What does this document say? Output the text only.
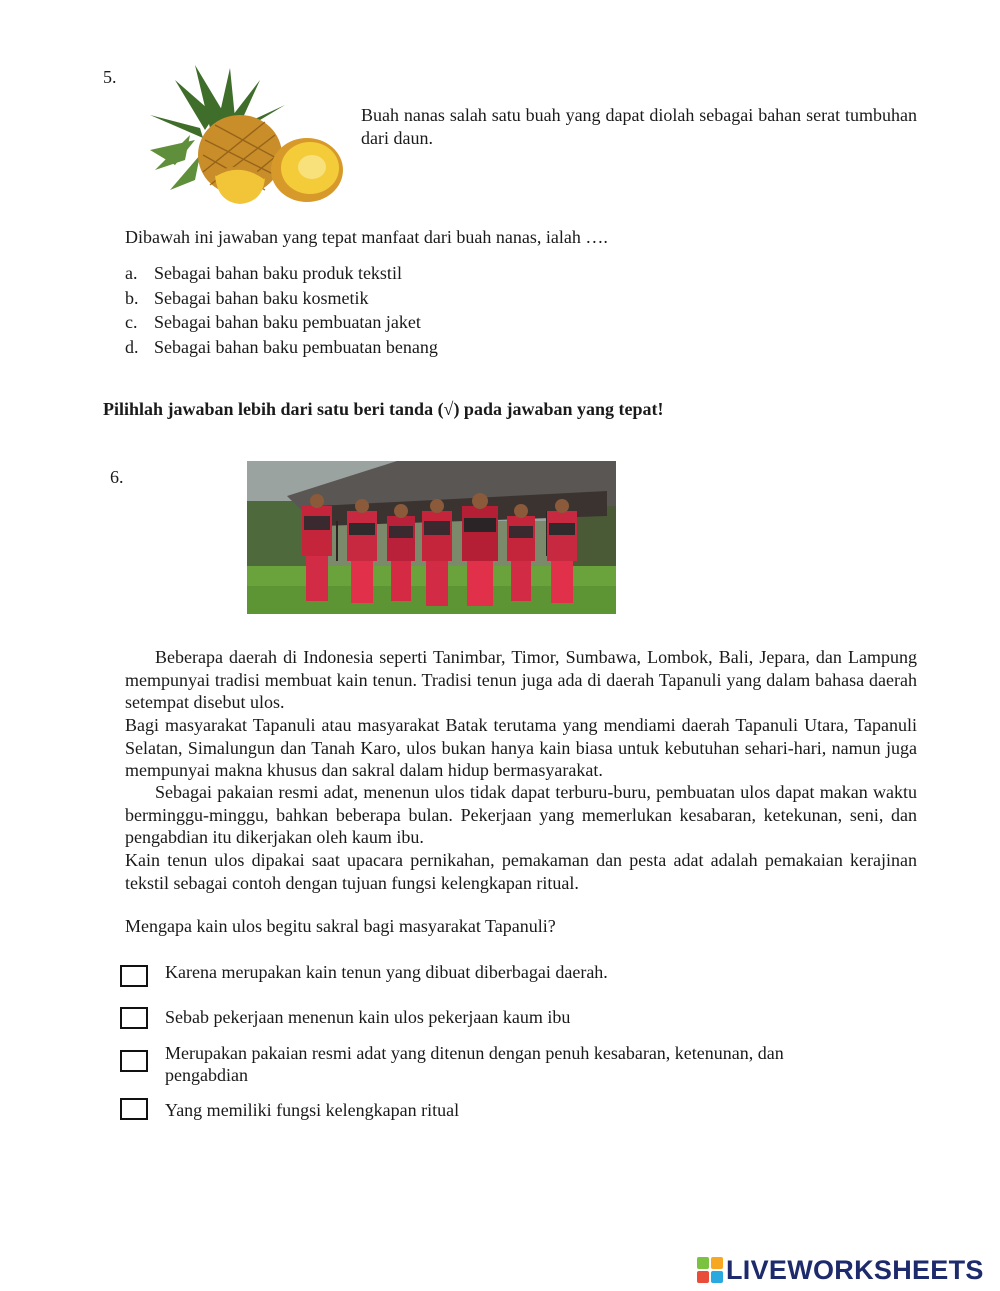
5.
Buah nanas salah satu buah yang dapat diolah sebagai bahan serat tumbuhan dari daun.
Dibawah ini jawaban yang tepat manfaat dari buah nanas, ialah ….
a. Sebagai bahan baku produk tekstil
b. Sebagai bahan baku kosmetik
c. Sebagai bahan baku pembuatan jaket
d. Sebagai bahan baku pembuatan benang
Pilihlah jawaban lebih dari satu beri tanda (√) pada jawaban yang tepat!
6.
Beberapa daerah di Indonesia seperti Tanimbar, Timor, Sumbawa, Lombok, Bali, Jepara, dan Lampung mempunyai tradisi membuat kain tenun. Tradisi tenun juga ada di daerah Tapanuli yang dalam bahasa daerah setempat disebut ulos.
Bagi masyarakat Tapanuli atau masyarakat Batak terutama yang mendiami daerah Tapanuli Utara, Tapanuli Selatan, Simalungun dan Tanah Karo, ulos bukan hanya kain biasa untuk kebutuhan sehari-hari, namun juga mempunyai makna khusus dan sakral dalam hidup bermasyarakat.
Sebagai pakaian resmi adat, menenun ulos tidak dapat terburu-buru, pembuatan ulos dapat makan waktu berminggu-minggu, bahkan beberapa bulan. Pekerjaan yang memerlukan kesabaran, ketekunan, seni, dan pengabdian itu dikerjakan oleh kaum ibu.
Kain tenun ulos dipakai saat upacara pernikahan, pemakaman dan pesta adat adalah pemakaian kerajinan tekstil sebagai contoh dengan tujuan fungsi kelengkapan ritual.
Mengapa kain ulos begitu sakral bagi masyarakat Tapanuli?
Karena merupakan kain tenun yang dibuat diberbagai daerah.
Sebab pekerjaan menenun kain ulos pekerjaan kaum ibu
Merupakan pakaian resmi adat yang ditenun dengan penuh kesabaran, ketenunan, dan pengabdian
Yang memiliki fungsi kelengkapan ritual
LIVEWORKSHEETS
